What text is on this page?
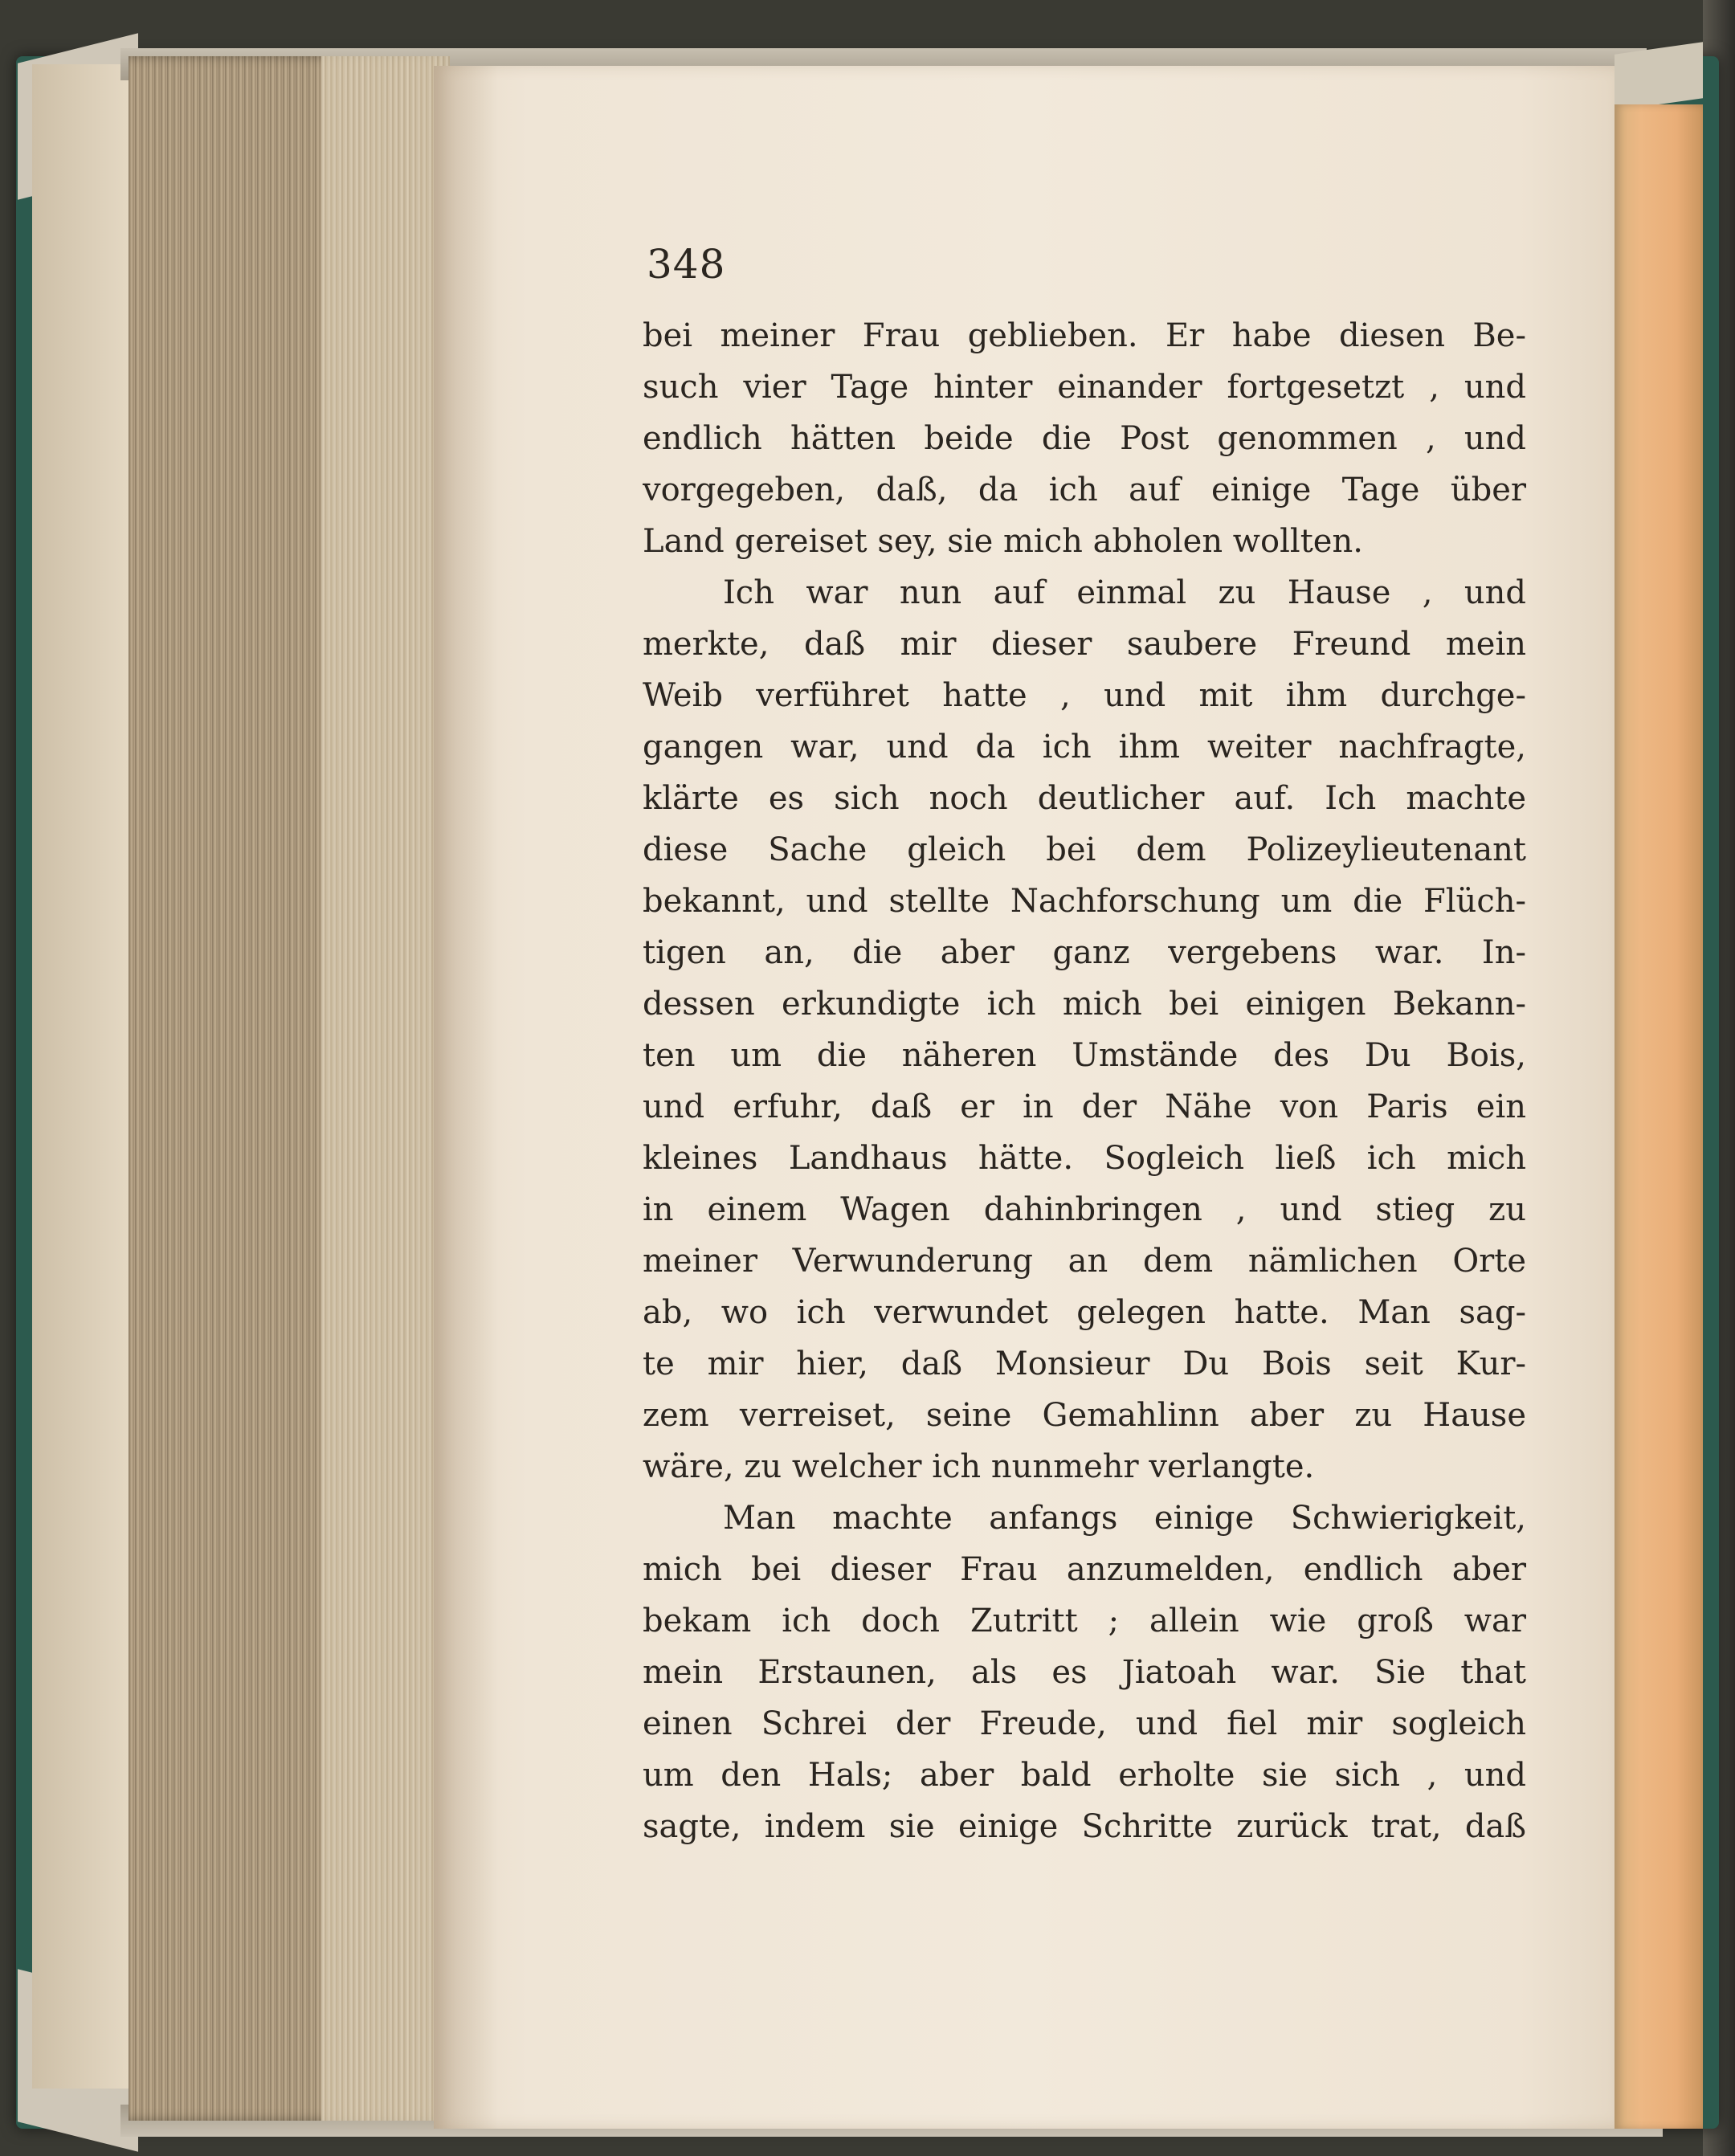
348
bei meiner Frau geblieben. Er habe diesen Be-
such vier Tage hinter einander fortgesetzt , und
endlich hätten beide die Post genommen , und
vorgegeben, daß, da ich auf einige Tage über
Land gereiset sey, sie mich abholen wollten.
Ich war nun auf einmal zu Hause , und
merkte, daß mir dieser saubere Freund mein
Weib verführet hatte , und mit ihm durchge-
gangen war, und da ich ihm weiter nachfragte,
klärte es sich noch deutlicher auf. Ich machte
diese Sache gleich bei dem Polizeylieutenant
bekannt, und stellte Nachforschung um die Flüch-
tigen an, die aber ganz vergebens war. In-
dessen erkundigte ich mich bei einigen Bekann-
ten um die näheren Umstände des Du Bois,
und erfuhr, daß er in der Nähe von Paris ein
kleines Landhaus hätte. Sogleich ließ ich mich
in einem Wagen dahinbringen , und stieg zu
meiner Verwunderung an dem nämlichen Orte
ab, wo ich verwundet gelegen hatte. Man sag-
te mir hier, daß Monsieur Du Bois seit Kur-
zem verreiset, seine Gemahlinn aber zu Hause
wäre, zu welcher ich nunmehr verlangte.
Man machte anfangs einige Schwierigkeit,
mich bei dieser Frau anzumelden, endlich aber
bekam ich doch Zutritt ; allein wie groß war
mein Erstaunen, als es Jiatoah war. Sie that
einen Schrei der Freude, und fiel mir sogleich
um den Hals; aber bald erholte sie sich , und
sagte, indem sie einige Schritte zurück trat, daß
